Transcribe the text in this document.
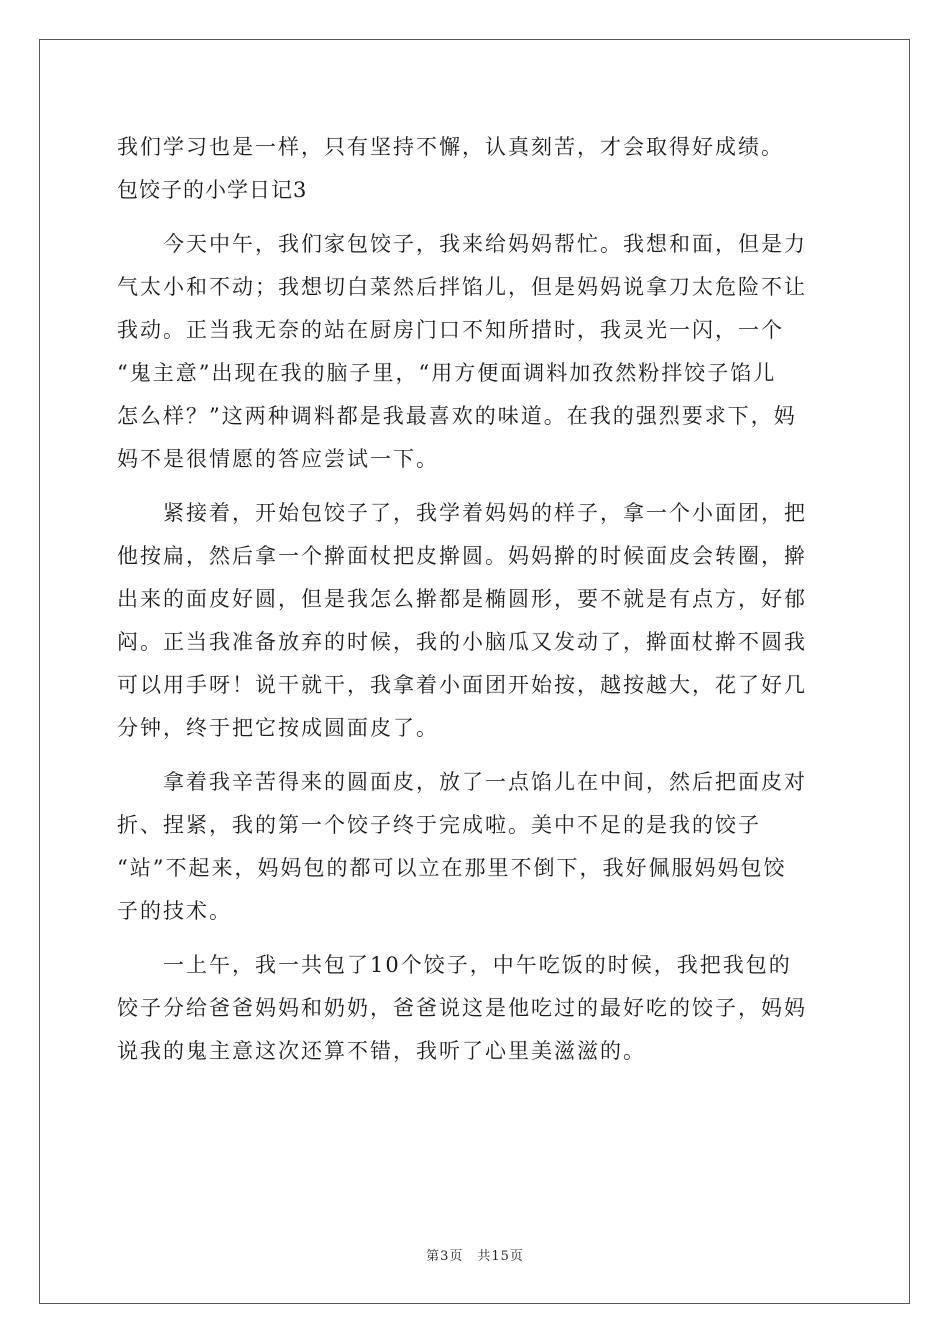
我们学习也是一样，只有坚持不懈，认真刻苦，才会取得好成绩。

包饺子的小学日记3

　　今天中午，我们家包饺子，我来给妈妈帮忙。我想和面，但是力

气太小和不动；我想切白菜然后拌馅儿，但是妈妈说拿刀太危险不让

我动。正当我无奈的站在厨房门口不知所措时，我灵光一闪，一个

“鬼主意”出现在我的脑子里，“用方便面调料加孜然粉拌饺子馅儿

怎么样？”这两种调料都是我最喜欢的味道。在我的强烈要求下，妈

妈不是很情愿的答应尝试一下。

　　紧接着，开始包饺子了，我学着妈妈的样子，拿一个小面团，把

他按扁，然后拿一个擀面杖把皮擀圆。妈妈擀的时候面皮会转圈，擀

出来的面皮好圆，但是我怎么擀都是椭圆形，要不就是有点方，好郁

闷。正当我准备放弃的时候，我的小脑瓜又发动了，擀面杖擀不圆我

可以用手呀！说干就干，我拿着小面团开始按，越按越大，花了好几

分钟，终于把它按成圆面皮了。

　　拿着我辛苦得来的圆面皮，放了一点馅儿在中间，然后把面皮对

折、捏紧，我的第一个饺子终于完成啦。美中不足的是我的饺子

“站”不起来，妈妈包的都可以立在那里不倒下，我好佩服妈妈包饺

子的技术。

　　一上午，我一共包了10个饺子，中午吃饭的时候，我把我包的

饺子分给爸爸妈妈和奶奶，爸爸说这是他吃过的最好吃的饺子，妈妈

说我的鬼主意这次还算不错，我听了心里美滋滋的。

第3页 共15页
